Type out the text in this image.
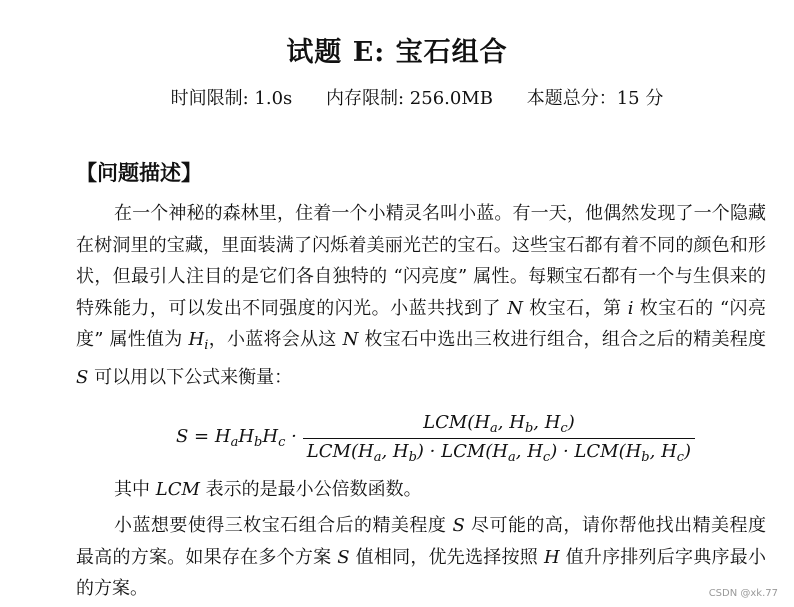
试题 E: 宝石组合
时间限制: 1.0s 内存限制: 256.0MB 本题总分：15 分
【问题描述】
在一个神秘的森林里，住着一个小精灵名叫小蓝。有一天，他偶然发现了一个隐藏在树洞里的宝藏，里面装满了闪烁着美丽光芒的宝石。这些宝石都有着不同的颜色和形状，但最引人注目的是它们各自独特的 “闪亮度” 属性。每颗宝石都有一个与生俱来的特殊能力，可以发出不同强度的闪光。小蓝共找到了 N 枚宝石，第 i 枚宝石的 “闪亮度” 属性值为 $H_i$，小蓝将会从这 N 枚宝石中选出三枚进行组合，组合之后的精美程度 S 可以用以下公式来衡量：
$S = H_aH_bH_c \cdot \frac{LCM(H_a, H_b, H_c)}{LCM(H_a, H_b) \cdot LCM(H_a, H_c) \cdot LCM(H_b, H_c)}$
其中 LCM 表示的是最小公倍数函数。
小蓝想要使得三枚宝石组合后的精美程度 S 尽可能的高，请你帮他找出精美程度最高的方案。如果存在多个方案 S 值相同，优先选择按照 H 值升序排列后字典序最小的方案。	CSDN @xk.77
